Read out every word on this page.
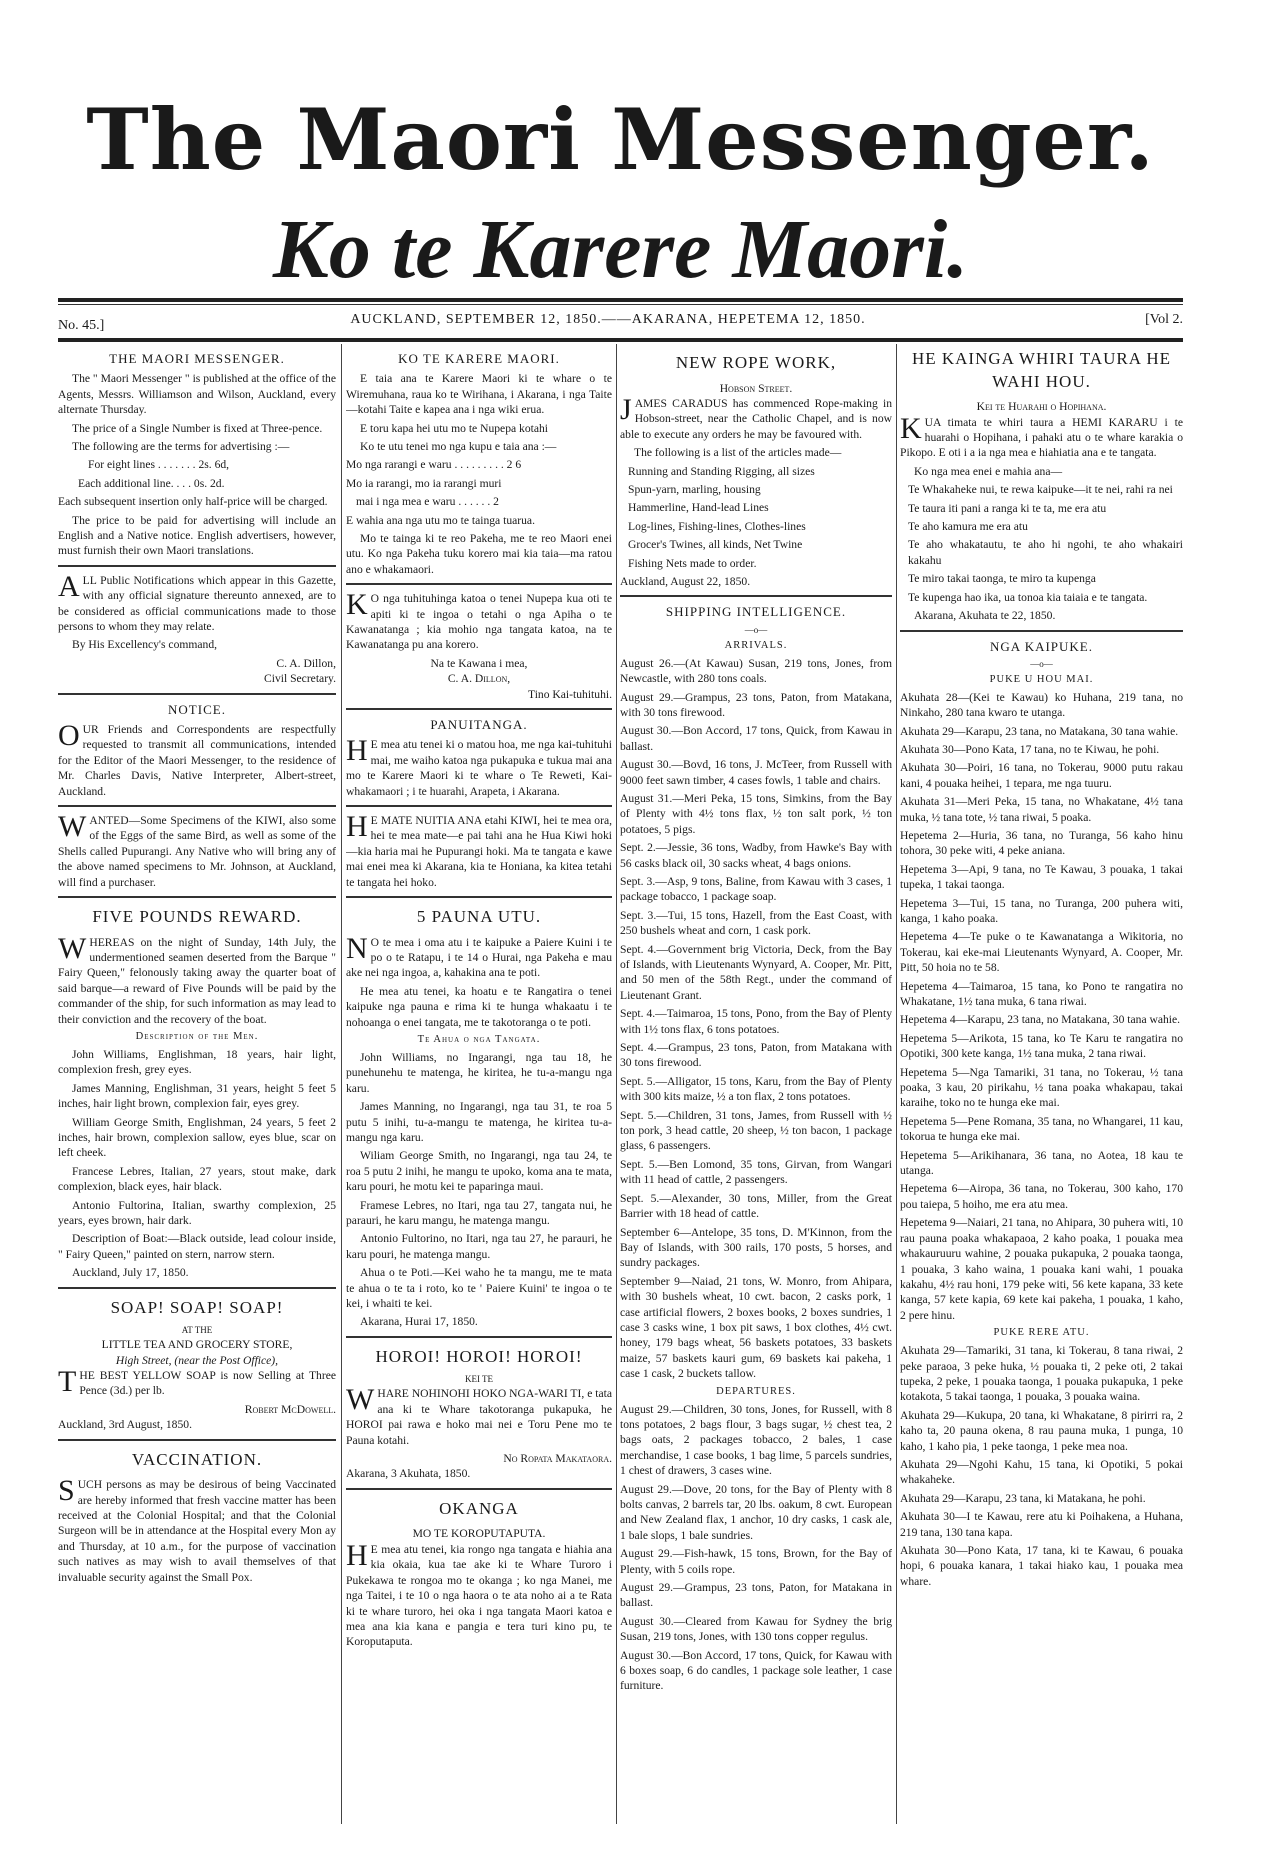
The Maori Messenger.
Ko te Karere Maori.
No. 45.]	AUCKLAND, SEPTEMBER 12, 1850.——AKARANA, HEPETEMA 12, 1850.	[Vol 2.
THE MAORI MESSENGER.

The " Maori Messenger " is published at the office of the Agents, Messrs. Williamson and Wilson, Auckland, every alternate Thursday.

The price of a Single Number is fixed at Three-pence.

The following are the terms for advertising :—

For eight lines . . . . . . . 2s. 6d,

Each additional line. . . . 0s. 2d.

Each subsequent insertion only half-price will be charged.

The price to be paid for advertising will include an English and a Native notice. English advertisers, however, must furnish their own Maori translations.

ALL Public Notifications which appear in this Gazette, with any official signature thereunto annexed, are to be considered as official communications made to those persons to whom they may relate.

By His Excellency's command,

C. A. Dillon,

Civil Secretary.

NOTICE.

OUR Friends and Correspondents are respectfully requested to transmit all communications, intended for the Editor of the Maori Messenger, to the residence of Mr. Charles Davis, Native Interpreter, Albert-street, Auckland.

WANTED—Some Specimens of the KIWI, also some of the Eggs of the same Bird, as well as some of the Shells called Pupurangi. Any Native who will bring any of the above named specimens to Mr. Johnson, at Auckland, will find a purchaser.

FIVE POUNDS REWARD.

WHEREAS on the night of Sunday, 14th July, the undermentioned seamen deserted from the Barque " Fairy Queen," felonously taking away the quarter boat of said barque—a reward of Five Pounds will be paid by the commander of the ship, for such information as may lead to their conviction and the recovery of the boat.

Description of the Men.

John Williams, Englishman, 18 years, hair light, complexion fresh, grey eyes.

James Manning, Englishman, 31 years, height 5 feet 5 inches, hair light brown, complexion fair, eyes grey.

William George Smith, Englishman, 24 years, 5 feet 2 inches, hair brown, complexion sallow, eyes blue, scar on left cheek.

Francese Lebres, Italian, 27 years, stout make, dark complexion, black eyes, hair black.

Antonio Fultorina, Italian, swarthy complexion, 25 years, eyes brown, hair dark.

Description of Boat:—Black outside, lead colour inside, " Fairy Queen," painted on stern, narrow stern.

Auckland, July 17, 1850.

SOAP! SOAP! SOAP!

AT THE

LITTLE TEA AND GROCERY STORE,

High Street, (near the Post Office),

THE BEST YELLOW SOAP is now Selling at Three Pence (3d.) per lb.

Robert McDowell.

Auckland, 3rd August, 1850.

VACCINATION.

SUCH persons as may be desirous of being Vaccinated are hereby informed that fresh vaccine matter has been received at the Colonial Hospital; and that the Colonial Surgeon will be in attendance at the Hospital every Mon ay and Thursday, at 10 a.m., for the purpose of vaccination such natives as may wish to avail themselves of that invaluable security against the Small Pox.

KO TE KARERE MAORI.

E taia ana te Karere Maori ki te whare o te Wiremuhana, raua ko te Wirihana, i Akarana, i nga Taite—kotahi Taite e kapea ana i nga wiki erua.

E toru kapa hei utu mo te Nupepa kotahi

Ko te utu tenei mo nga kupu e taia ana :—

Mo nga rarangi e waru . . . . . . . . . 2 6

Mo ia rarangi, mo ia rarangi muri

mai i nga mea e waru . . . . . . 2

E wahia ana nga utu mo te tainga tuarua.

Mo te tainga ki te reo Pakeha, me te reo Maori enei utu. Ko nga Pakeha tuku korero mai kia taia—ma ratou ano e whakamaori.

KO nga tuhituhinga katoa o tenei Nupepa kua oti te apiti ki te ingoa o tetahi o nga Apiha o te Kawanatanga ; kia mohio nga tangata katoa, na te Kawanatanga pu ana korero.

Na te Kawana i mea,

C. A. Dillon,

Tino Kai-tuhituhi.

PANUITANGA.

HE mea atu tenei ki o matou hoa, me nga kai-tuhituhi mai, me waiho katoa nga pukapuka e tukua mai ana mo te Karere Maori ki te whare o Te Reweti, Kai-whakamaori ; i te huarahi, Arapeta, i Akarana.

HE MATE NUITIA ANA etahi KIWI, hei te mea ora, hei te mea mate—e pai tahi ana he Hua Kiwi hoki—kia haria mai he Pupurangi hoki. Ma te tangata e kawe mai enei mea ki Akarana, kia te Honiana, ka kitea tetahi te tangata hei hoko.

5 PAUNA UTU.

NO te mea i oma atu i te kaipuke a Paiere Kuini i te po o te Ratapu, i te 14 o Hurai, nga Pakeha e mau ake nei nga ingoa, a, kahakina ana te poti.

He mea atu tenei, ka hoatu e te Rangatira o tenei kaipuke nga pauna e rima ki te hunga whakaatu i te nohoanga o enei tangata, me te takotoranga o te poti.

Te Ahua o nga Tangata.

John Williams, no Ingarangi, nga tau 18, he punehunehu te matenga, he kiritea, he tu-a-mangu nga karu.

James Manning, no Ingarangi, nga tau 31, te roa 5 putu 5 inihi, tu-a-mangu te matenga, he kiritea tu-a-mangu nga karu.

Wiliam George Smith, no Ingarangi, nga tau 24, te roa 5 putu 2 inihi, he mangu te upoko, koma ana te mata, karu pouri, he motu kei te paparinga maui.

Framese Lebres, no Itari, nga tau 27, tangata nui, he parauri, he karu mangu, he matenga mangu.

Antonio Fultorino, no Itari, nga tau 27, he parauri, he karu pouri, he matenga mangu.

Ahua o te Poti.—Kei waho he ta mangu, me te mata te ahua o te ta i roto, ko te ' Paiere Kuini' te ingoa o te kei, i whaiti te kei.

Akarana, Hurai 17, 1850.

HOROI! HOROI! HOROI!

KEI TE

WHARE NOHINOHI HOKO NGA-WARI TI, e tata ana ki te Whare takotoranga pukapuka, he HOROI pai rawa e hoko mai nei e Toru Pene mo te Pauna kotahi.

No Ropata Makataora.

Akarana, 3 Akuhata, 1850.

OKANGA

MO TE KOROPUTAPUTA.

HE mea atu tenei, kia rongo nga tangata e hiahia ana kia okaia, kua tae ake ki te Whare Turoro i Pukekawa te rongoa mo te okanga ; ko nga Manei, me nga Taitei, i te 10 o nga haora o te ata noho ai a te Rata ki te whare turoro, hei oka i nga tangata Maori katoa e mea ana kia kana e pangia e tera turi kino pu, te Koroputaputa.

NEW ROPE WORK,

Hobson Street.

JAMES CARADUS has commenced Rope-making in Hobson-street, near the Catholic Chapel, and is now able to execute any orders he may be favoured with.

The following is a list of the articles made—

Running and Standing Rigging, all sizes

Spun-yarn, marling, housing

Hammerline, Hand-lead Lines

Log-lines, Fishing-lines, Clothes-lines

Grocer's Twines, all kinds, Net Twine

Fishing Nets made to order.

Auckland, August 22, 1850.

SHIPPING INTELLIGENCE.

—o—

ARRIVALS.

August 26.—(At Kawau) Susan, 219 tons, Jones, from Newcastle, with 280 tons coals.

August 29.—Grampus, 23 tons, Paton, from Matakana, with 30 tons firewood.

August 30.—Bon Accord, 17 tons, Quick, from Kawau in ballast.

August 30.—Bovd, 16 tons, J. McTeer, from Russell with 9000 feet sawn timber, 4 cases fowls, 1 table and chairs.

August 31.—Meri Peka, 15 tons, Simkins, from the Bay of Plenty with 4½ tons flax, ½ ton salt pork, ½ ton potatoes, 5 pigs.

Sept. 2.—Jessie, 36 tons, Wadby, from Hawke's Bay with 56 casks black oil, 30 sacks wheat, 4 bags onions.

Sept. 3.—Asp, 9 tons, Baline, from Kawau with 3 cases, 1 package tobacco, 1 package soap.

Sept. 3.—Tui, 15 tons, Hazell, from the East Coast, with 250 bushels wheat and corn, 1 cask pork.

Sept. 4.—Government brig Victoria, Deck, from the Bay of Islands, with Lieutenants Wynyard, A. Cooper, Mr. Pitt, and 50 men of the 58th Regt., under the command of Lieutenant Grant.

Sept. 4.—Taimaroa, 15 tons, Pono, from the Bay of Plenty with 1½ tons flax, 6 tons potatoes.

Sept. 4.—Grampus, 23 tons, Paton, from Matakana with 30 tons firewood.

Sept. 5.—Alligator, 15 tons, Karu, from the Bay of Plenty with 300 kits maize, ½ a ton flax, 2 tons potatoes.

Sept. 5.—Children, 31 tons, James, from Russell with ½ ton pork, 3 head cattle, 20 sheep, ½ ton bacon, 1 package glass, 6 passengers.

Sept. 5.—Ben Lomond, 35 tons, Girvan, from Wangari with 11 head of cattle, 2 passengers.

Sept. 5.—Alexander, 30 tons, Miller, from the Great Barrier with 18 head of cattle.

September 6—Antelope, 35 tons, D. M'Kinnon, from the Bay of Islands, with 300 rails, 170 posts, 5 horses, and sundry packages.

September 9—Naiad, 21 tons, W. Monro, from Ahipara, with 30 bushels wheat, 10 cwt. bacon, 2 casks pork, 1 case artificial flowers, 2 boxes books, 2 boxes sundries, 1 case 3 casks wine, 1 box pit saws, 1 box clothes, 4½ cwt. honey, 179 bags wheat, 56 baskets potatoes, 33 baskets maize, 57 baskets kauri gum, 69 baskets kai pakeha, 1 case 1 cask, 2 buckets tallow.

DEPARTURES.

August 29.—Children, 30 tons, Jones, for Russell, with 8 tons potatoes, 2 bags flour, 3 bags sugar, ½ chest tea, 2 bags oats, 2 packages tobacco, 2 bales, 1 case merchandise, 1 case books, 1 bag lime, 5 parcels sundries, 1 chest of drawers, 3 cases wine.

August 29.—Dove, 20 tons, for the Bay of Plenty with 8 bolts canvas, 2 barrels tar, 20 lbs. oakum, 8 cwt. European and New Zealand flax, 1 anchor, 10 dry casks, 1 cask ale, 1 bale slops, 1 bale sundries.

August 29.—Fish-hawk, 15 tons, Brown, for the Bay of Plenty, with 5 coils rope.

August 29.—Grampus, 23 tons, Paton, for Matakana in ballast.

August 30.—Cleared from Kawau for Sydney the brig Susan, 219 tons, Jones, with 130 tons copper regulus.

August 30.—Bon Accord, 17 tons, Quick, for Kawau with 6 boxes soap, 6 do candles, 1 package sole leather, 1 case furniture.

HE KAINGA WHIRI TAURA HE WAHI HOU.

Kei te Huarahi o Hopihana.

KUA timata te whiri taura a HEMI KARARU i te huarahi o Hopihana, i pahaki atu o te whare karakia o Pikopo. E oti i a ia nga mea e hiahiatia ana e te tangata.

Ko nga mea enei e mahia ana—

Te Whakaheke nui, te rewa kaipuke—it te nei, rahi ra nei

Te taura iti pani a ranga ki te ta, me era atu

Te aho kamura me era atu

Te aho whakatautu, te aho hi ngohi, te aho whakairi kakahu

Te miro takai taonga, te miro ta kupenga

Te kupenga hao ika, ua tonoa kia taiaia e te tangata.

Akarana, Akuhata te 22, 1850.

NGA KAIPUKE.

—o—

PUKE U HOU MAI.

Akuhata 28—(Kei te Kawau) ko Huhana, 219 tana, no Ninkaho, 280 tana kwaro te utanga.

Akuhata 29—Karapu, 23 tana, no Matakana, 30 tana wahie.

Akuhata 30—Pono Kata, 17 tana, no te Kiwau, he pohi.

Akuhata 30—Poiri, 16 tana, no Tokerau, 9000 putu rakau kani, 4 pouaka heihei, 1 tepara, me nga tuuru.

Akuhata 31—Meri Peka, 15 tana, no Whakatane, 4½ tana muka, ½ tana tote, ½ tana riwai, 5 poaka.

Hepetema 2—Huria, 36 tana, no Turanga, 56 kaho hinu tohora, 30 peke witi, 4 peke aniana.

Hepetema 3—Api, 9 tana, no Te Kawau, 3 pouaka, 1 takai tupeka, 1 takai taonga.

Hepetema 3—Tui, 15 tana, no Turanga, 200 puhera witi, kanga, 1 kaho poaka.

Hepetema 4—Te puke o te Kawanatanga a Wikitoria, no Tokerau, kai eke-mai Lieutenants Wynyard, A. Cooper, Mr. Pitt, 50 hoia no te 58.

Hepetema 4—Taimaroa, 15 tana, ko Pono te rangatira no Whakatane, 1½ tana muka, 6 tana riwai.

Hepetema 4—Karapu, 23 tana, no Matakana, 30 tana wahie.

Hepetema 5—Arikota, 15 tana, ko Te Karu te rangatira no Opotiki, 300 kete kanga, 1½ tana muka, 2 tana riwai.

Hepetema 5—Nga Tamariki, 31 tana, no Tokerau, ½ tana poaka, 3 kau, 20 pirikahu, ½ tana poaka whakapau, takai karaihe, toko no te hunga eke mai.

Hepetema 5—Pene Romana, 35 tana, no Whangarei, 11 kau, tokorua te hunga eke mai.

Hepetema 5—Arikihanara, 36 tana, no Aotea, 18 kau te utanga.

Hepetema 6—Airopa, 36 tana, no Tokerau, 300 kaho, 170 pou taiepa, 5 hoiho, me era atu mea.

Hepetema 9—Naiari, 21 tana, no Ahipara, 30 puhera witi, 10 rau pauna poaka whakapaoa, 2 kaho poaka, 1 pouaka mea whakauruuru wahine, 2 pouaka pukapuka, 2 pouaka taonga, 1 pouaka, 3 kaho waina, 1 pouaka kani wahi, 1 pouaka kakahu, 4½ rau honi, 179 peke witi, 56 kete kapana, 33 kete kanga, 57 kete kapia, 69 kete kai pakeha, 1 pouaka, 1 kaho, 2 pere hinu.

PUKE RERE ATU.

Akuhata 29—Tamariki, 31 tana, ki Tokerau, 8 tana riwai, 2 peke paraoa, 3 peke huka, ½ pouaka ti, 2 peke oti, 2 takai tupeka, 2 peke, 1 pouaka taonga, 1 pouaka pukapuka, 1 peke kotakota, 5 takai taonga, 1 pouaka, 3 pouaka waina.

Akuhata 29—Kukupa, 20 tana, ki Whakatane, 8 pirirri ra, 2 kaho ta, 20 pauna okena, 8 rau pauna muka, 1 punga, 10 kaho, 1 kaho pia, 1 peke taonga, 1 peke mea noa.

Akuhata 29—Ngohi Kahu, 15 tana, ki Opotiki, 5 pokai whakaheke.

Akuhata 29—Karapu, 23 tana, ki Matakana, he pohi.

Akuhata 30—I te Kawau, rere atu ki Poihakena, a Huhana, 219 tana, 130 tana kapa.

Akuhata 30—Pono Kata, 17 tana, ki te Kawau, 6 pouaka hopi, 6 pouaka kanara, 1 takai hiako kau, 1 pouaka mea whare.
